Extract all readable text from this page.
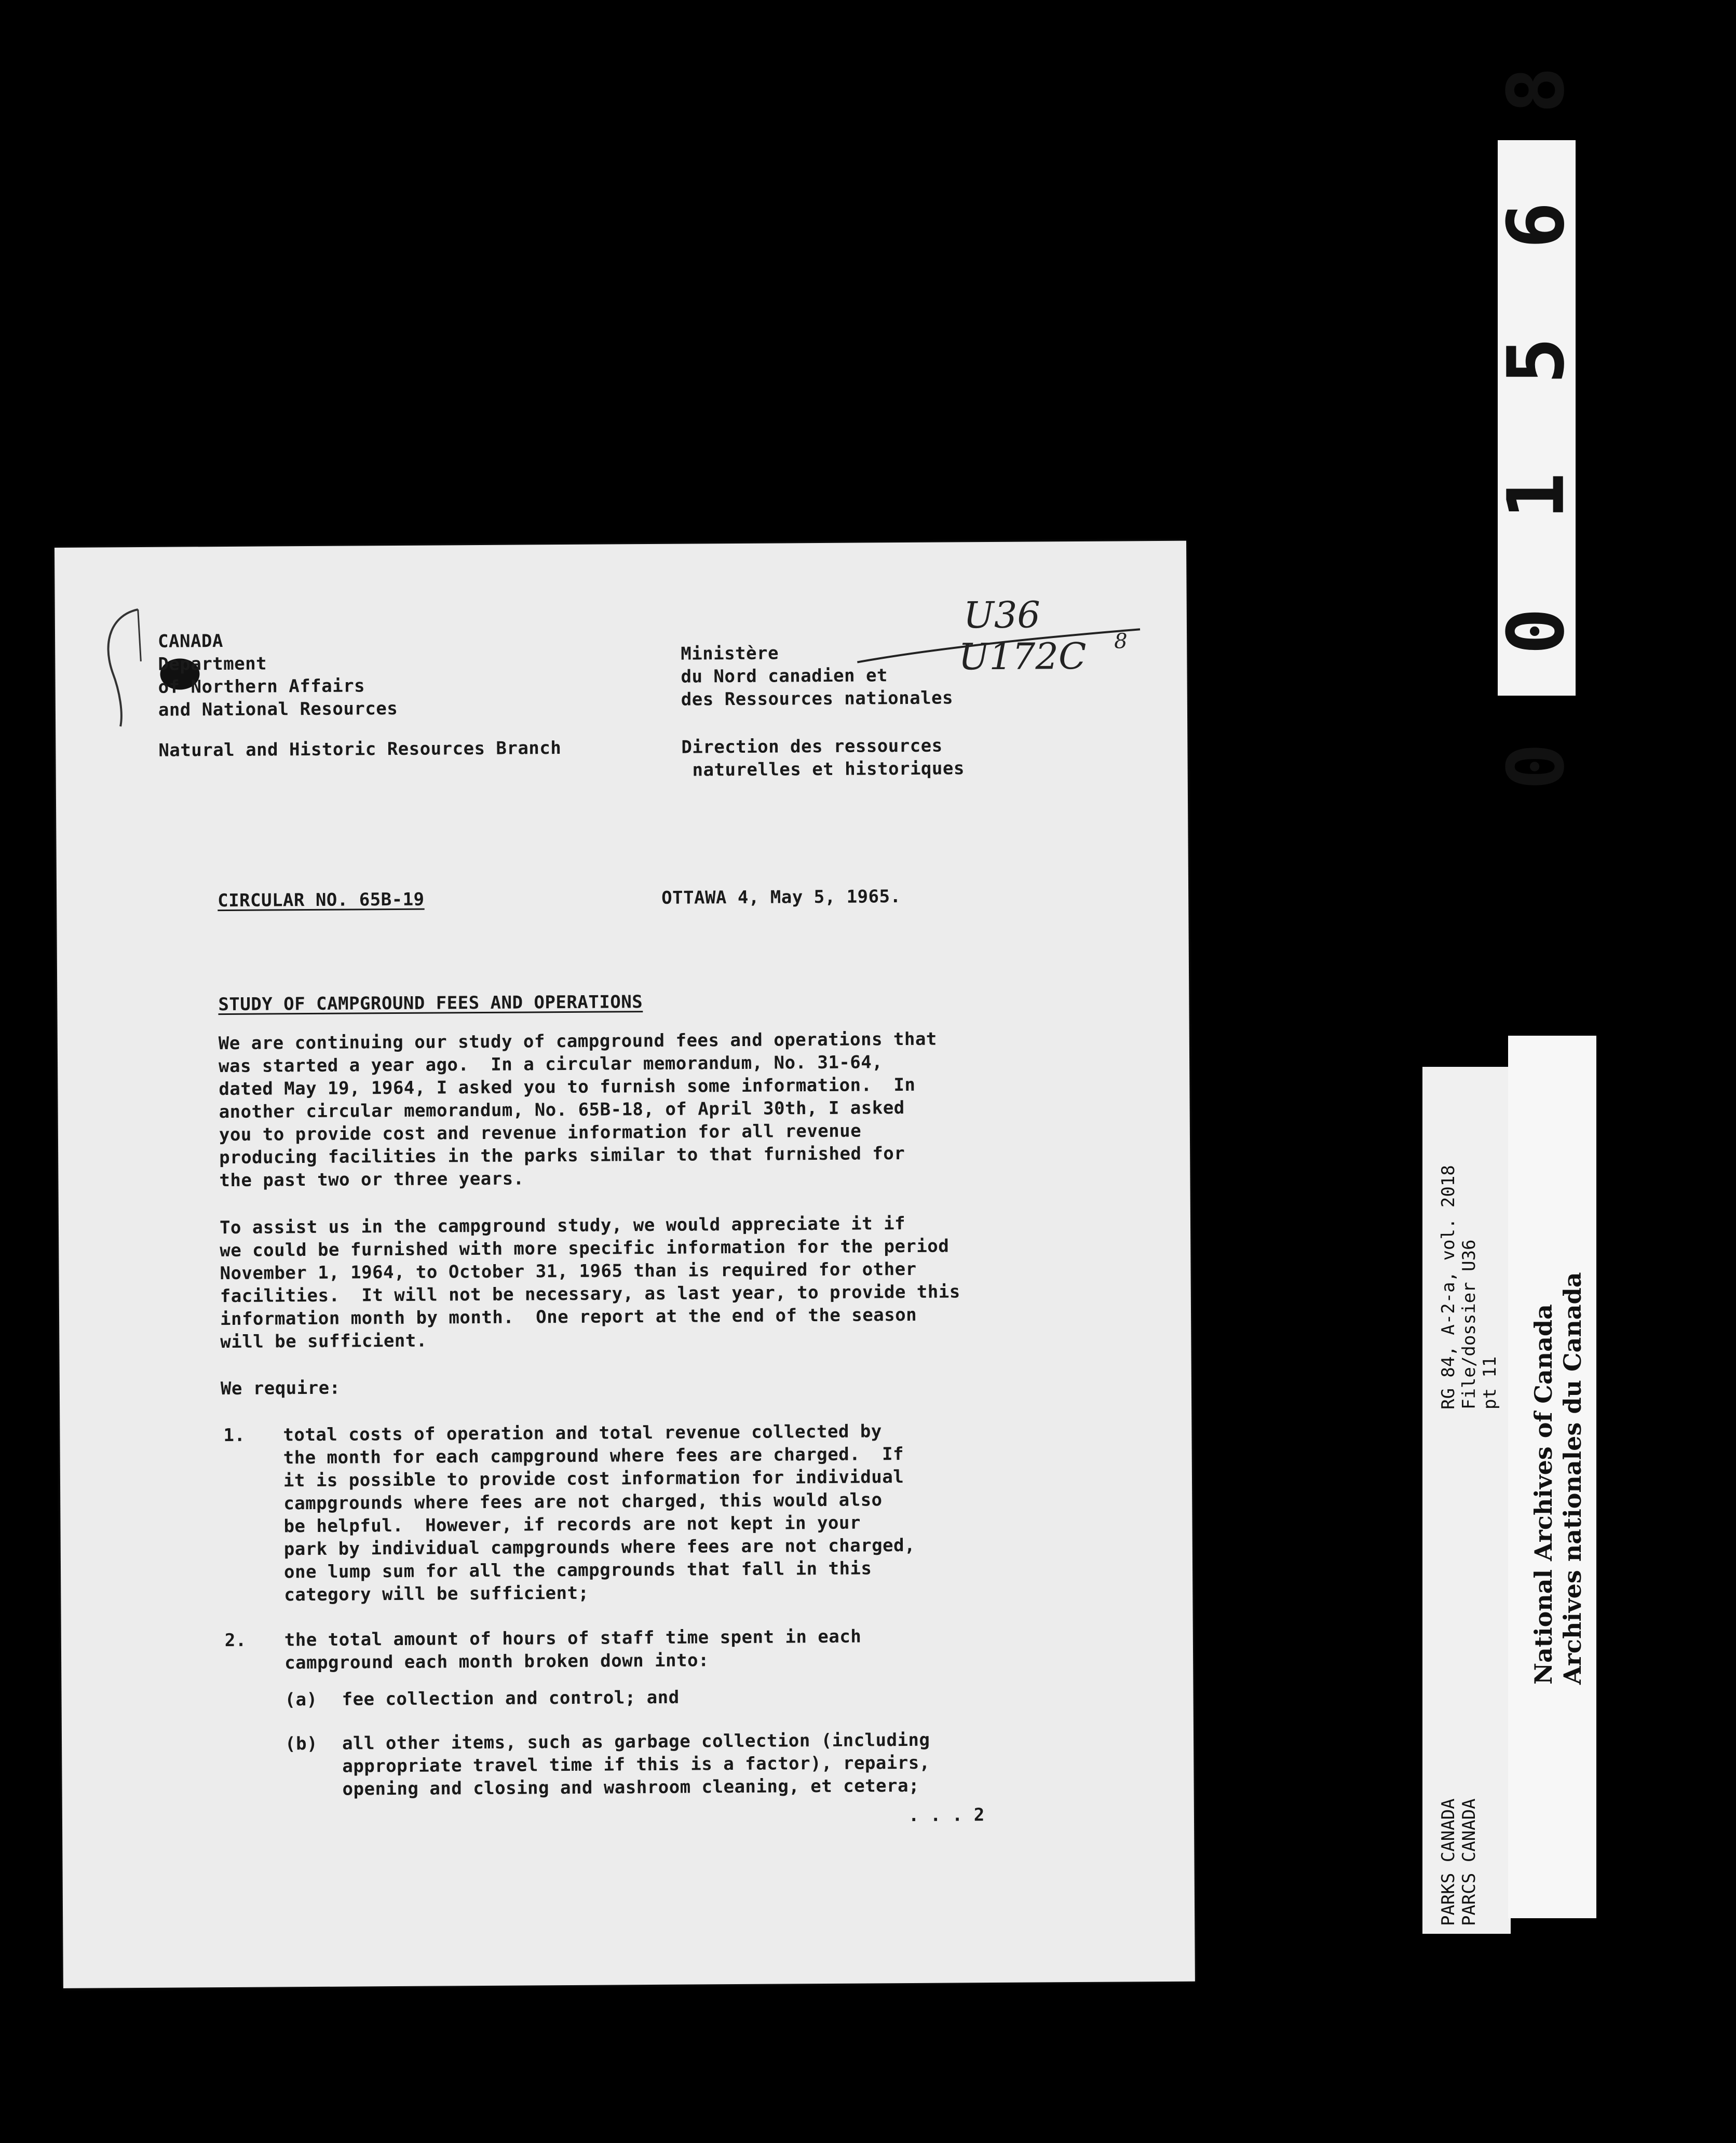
0 0 1 5 6 8
PARKS CANADA
PARCS CANADA
RG 84, A-2-a, vol. 2018
File/dossier U36
pt 11 National Archives of Canada
Archives nationales du Canada
CANADA
Department
of Northern Affairs
and National Resources
Natural and Historic Resources Branch
Ministère
du Nord canadien et
des Ressources nationales
Direction des ressources
naturelles et historiques
U36
U172C 8
CIRCULAR NO. 65B-19	OTTAWA 4, May 5, 1965.
STUDY OF CAMPGROUND FEES AND OPERATIONS
We are continuing our study of campground fees and operations that
was started a year ago.  In a circular memorandum, No. 31-64,
dated May 19, 1964, I asked you to furnish some information.  In
another circular memorandum, No. 65B-18, of April 30th, I asked
you to provide cost and revenue information for all revenue
producing facilities in the parks similar to that furnished for
the past two or three years.
To assist us in the campground study, we would appreciate it if
we could be furnished with more specific information for the period
November 1, 1964, to October 31, 1965 than is required for other
facilities.  It will not be necessary, as last year, to provide this
information month by month.  One report at the end of the season
will be sufficient.
We require:
1. total costs of operation and total revenue collected by
the month for each campground where fees are charged.  If
it is possible to provide cost information for individual
campgrounds where fees are not charged, this would also
be helpful.  However, if records are not kept in your
park by individual campgrounds where fees are not charged,
one lump sum for all the campgrounds that fall in this
category will be sufficient;
2. the total amount of hours of staff time spent in each
campground each month broken down into:
(a) fee collection and control; and
(b) all other items, such as garbage collection (including
appropriate travel time if this is a factor), repairs,
opening and closing and washroom cleaning, et cetera;
. . . 2
